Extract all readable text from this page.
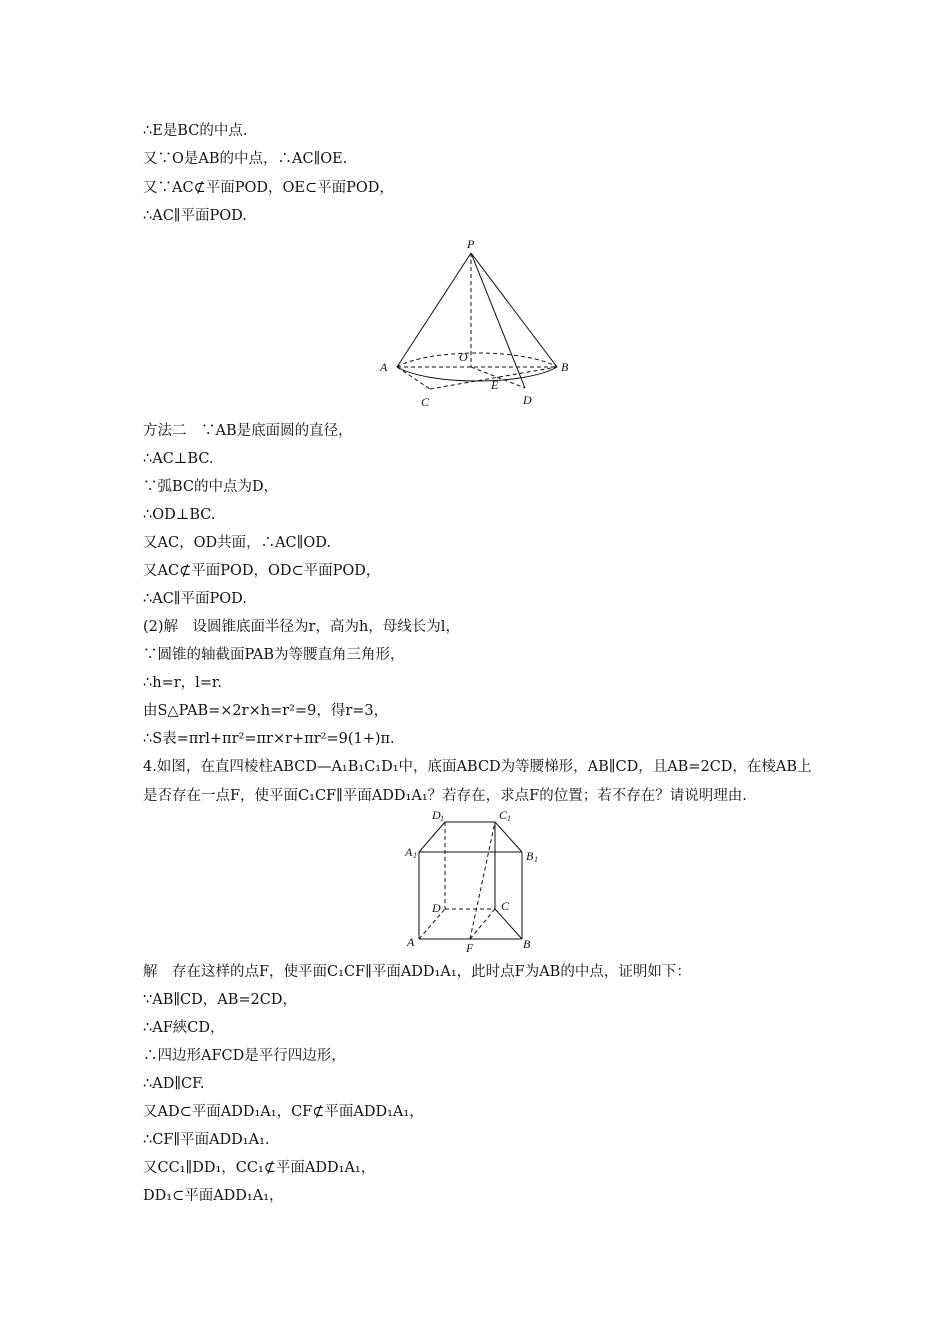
∴E是BC的中点.
又∵O是AB的中点，∴AC∥OE.
又∵AC⊄平面POD，OE⊂平面POD，
∴AC∥平面POD.
P
O
A	B
C	D
E
方法二　∵AB是底面圆的直径，
∴AC⊥BC.
∵弧BC的中点为D，
∴OD⊥BC.
又AC，OD共面，∴AC∥OD.
又AC⊄平面POD，OD⊂平面POD，
∴AC∥平面POD.
(2)解　设圆锥底面半径为r，高为h，母线长为l，
∵圆锥的轴截面PAB为等腰直角三角形，
∴h=r，l=r.
由S△PAB=×2r×h=r²=9，得r=3，
∴S表=πrl+πr²=πr×r+πr²=9(1+)π.
4.如图，在直四棱柱ABCD—A₁B₁C₁D₁中，底面ABCD为等腰梯形，AB∥CD，且AB=2CD，在棱AB上
是否存在一点F，使平面C₁CF∥平面ADD₁A₁？若存在，求点F的位置；若不存在？请说明理由.
D 1	C 1
A 1	B 1
D	C
A	B
F
解　存在这样的点F，使平面C₁CF∥平面ADD₁A₁，此时点F为AB的中点，证明如下：
∵AB∥CD，AB=2CD，
∴AF綊CD，
∴四边形AFCD是平行四边形，
∴AD∥CF.
又AD⊂平面ADD₁A₁，CF⊄平面ADD₁A₁，
∴CF∥平面ADD₁A₁.
又CC₁∥DD₁，CC₁⊄平面ADD₁A₁，
DD₁⊂平面ADD₁A₁，
